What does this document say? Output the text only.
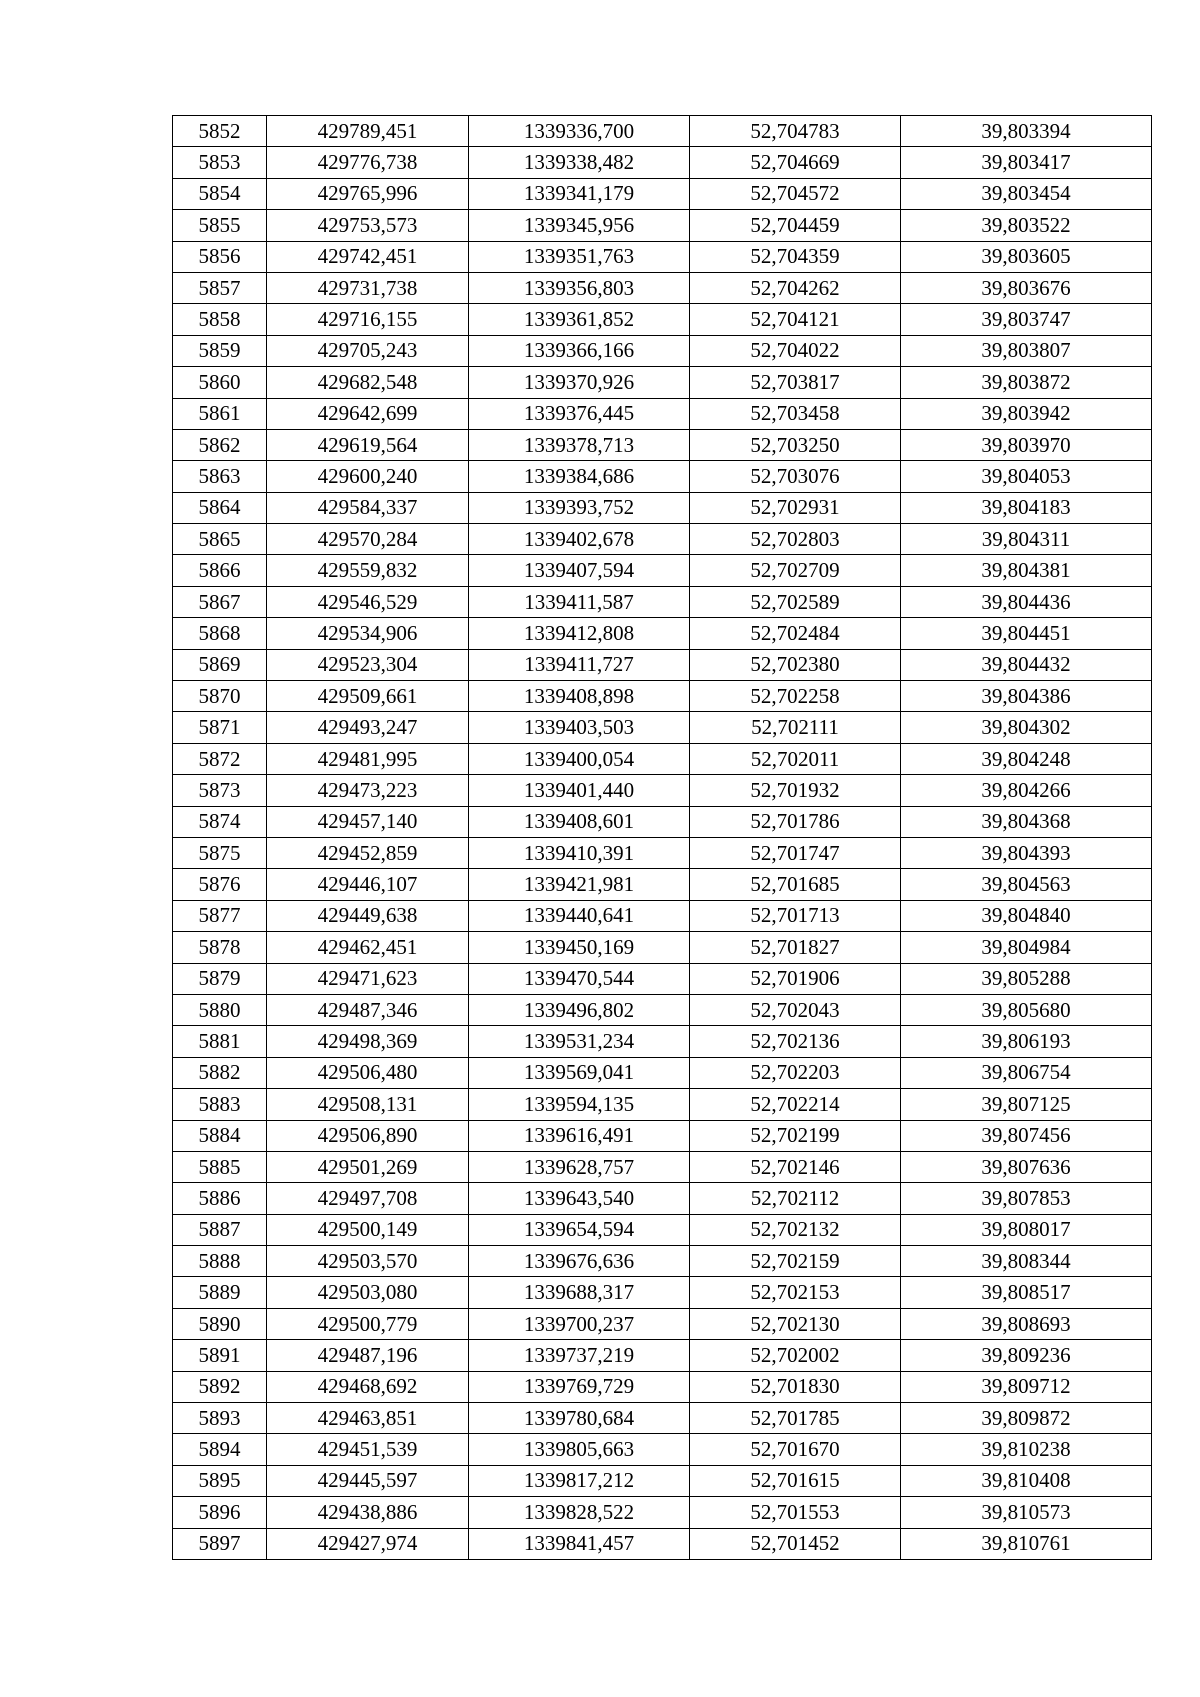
5852	429789,451	1339336,700	52,704783	39,803394
5853	429776,738	1339338,482	52,704669	39,803417
5854	429765,996	1339341,179	52,704572	39,803454
5855	429753,573	1339345,956	52,704459	39,803522
5856	429742,451	1339351,763	52,704359	39,803605
5857	429731,738	1339356,803	52,704262	39,803676
5858	429716,155	1339361,852	52,704121	39,803747
5859	429705,243	1339366,166	52,704022	39,803807
5860	429682,548	1339370,926	52,703817	39,803872
5861	429642,699	1339376,445	52,703458	39,803942
5862	429619,564	1339378,713	52,703250	39,803970
5863	429600,240	1339384,686	52,703076	39,804053
5864	429584,337	1339393,752	52,702931	39,804183
5865	429570,284	1339402,678	52,702803	39,804311
5866	429559,832	1339407,594	52,702709	39,804381
5867	429546,529	1339411,587	52,702589	39,804436
5868	429534,906	1339412,808	52,702484	39,804451
5869	429523,304	1339411,727	52,702380	39,804432
5870	429509,661	1339408,898	52,702258	39,804386
5871	429493,247	1339403,503	52,702111	39,804302
5872	429481,995	1339400,054	52,702011	39,804248
5873	429473,223	1339401,440	52,701932	39,804266
5874	429457,140	1339408,601	52,701786	39,804368
5875	429452,859	1339410,391	52,701747	39,804393
5876	429446,107	1339421,981	52,701685	39,804563
5877	429449,638	1339440,641	52,701713	39,804840
5878	429462,451	1339450,169	52,701827	39,804984
5879	429471,623	1339470,544	52,701906	39,805288
5880	429487,346	1339496,802	52,702043	39,805680
5881	429498,369	1339531,234	52,702136	39,806193
5882	429506,480	1339569,041	52,702203	39,806754
5883	429508,131	1339594,135	52,702214	39,807125
5884	429506,890	1339616,491	52,702199	39,807456
5885	429501,269	1339628,757	52,702146	39,807636
5886	429497,708	1339643,540	52,702112	39,807853
5887	429500,149	1339654,594	52,702132	39,808017
5888	429503,570	1339676,636	52,702159	39,808344
5889	429503,080	1339688,317	52,702153	39,808517
5890	429500,779	1339700,237	52,702130	39,808693
5891	429487,196	1339737,219	52,702002	39,809236
5892	429468,692	1339769,729	52,701830	39,809712
5893	429463,851	1339780,684	52,701785	39,809872
5894	429451,539	1339805,663	52,701670	39,810238
5895	429445,597	1339817,212	52,701615	39,810408
5896	429438,886	1339828,522	52,701553	39,810573
5897	429427,974	1339841,457	52,701452	39,810761
